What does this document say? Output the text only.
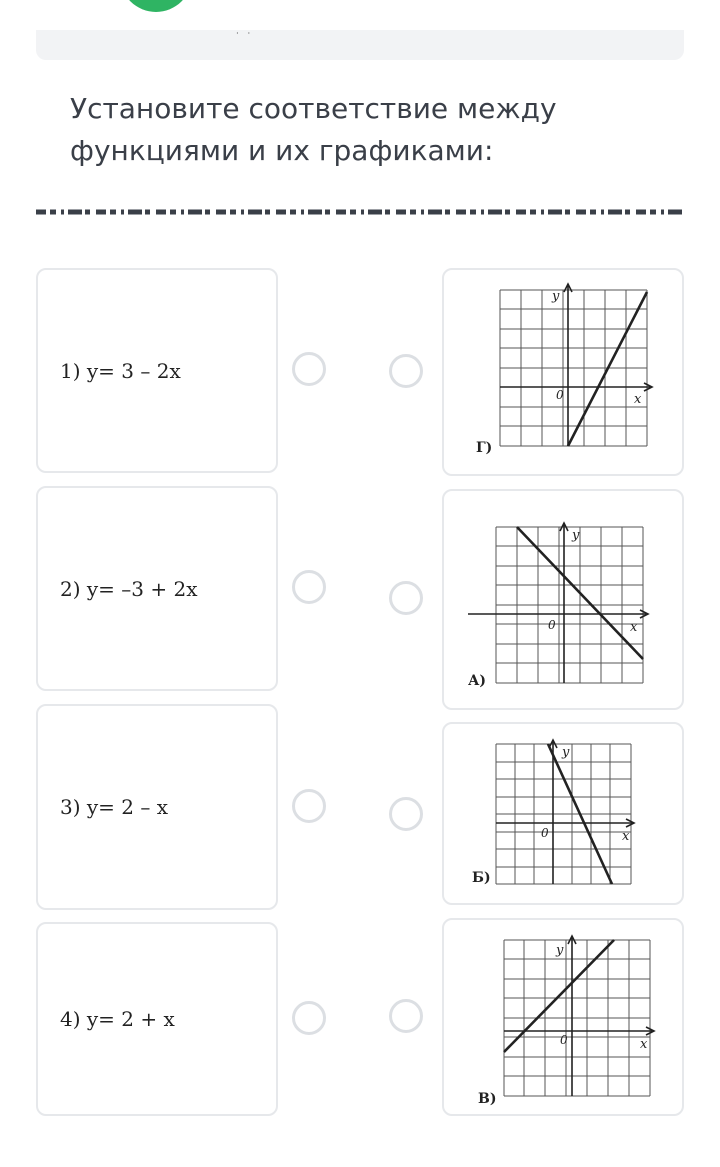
˙ ˙
Установите соответствие между функциями и их графиками:
1) y= 3 – 2x
2) y= –3 + 2x
3) y= 2 – x
4) y= 2 + x
y
x
0
Г)
y
x
0
А)
y
x
0
Б)
y
x
0
В)
